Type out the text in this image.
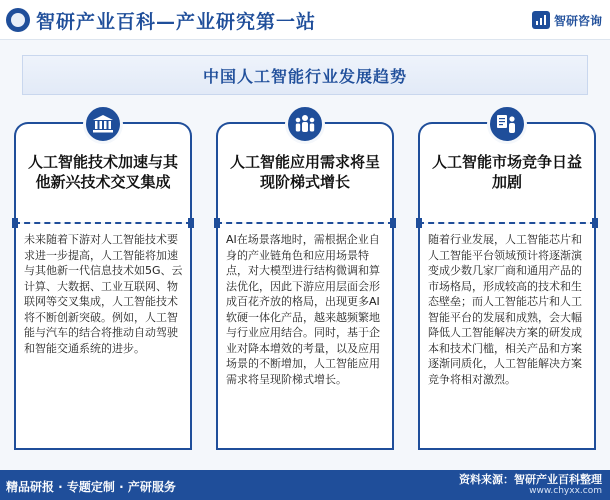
智研产业百科—产业研究第一站	智研咨询
中国人工智能行业发展趋势
人工智能技术加速与其他新兴技术交叉集成
未来随着下游对人工智能技术要求进一步提高，人工智能将加速与其他新一代信息技术如5G、云计算、大数据、工业互联网、物联网等交叉集成，人工智能技术将不断创新突破。例如，人工智能与汽车的结合将推动自动驾驶和智能交通系统的进步。
人工智能应用需求将呈现阶梯式增长
AI在场景落地时，需根据企业自身的产业链角色和应用场景特点，对大模型进行结构微调和算法优化，因此下游应用层面会形成百花齐放的格局，出现更多AI软硬一体化产品，越来越频繁地与行业应用结合。同时，基于企业对降本增效的考量，以及应用场景的不断增加，人工智能应用需求将呈现阶梯式增长。
人工智能市场竞争日益加剧
随着行业发展，人工智能芯片和人工智能平台领域预计将逐渐演变成少数几家厂商和通用产品的市场格局，形成较高的技术和生态壁垒；而人工智能芯片和人工智能平台的发展和成熟，会大幅降低人工智能解决方案的研发成本和技术门槛，相关产品和方案逐渐同质化，人工智能解决方案竞争将相对激烈。
精品研报 · 专题定制 · 产研服务
资料来源：智研产业百科整理
www.chyxx.com
